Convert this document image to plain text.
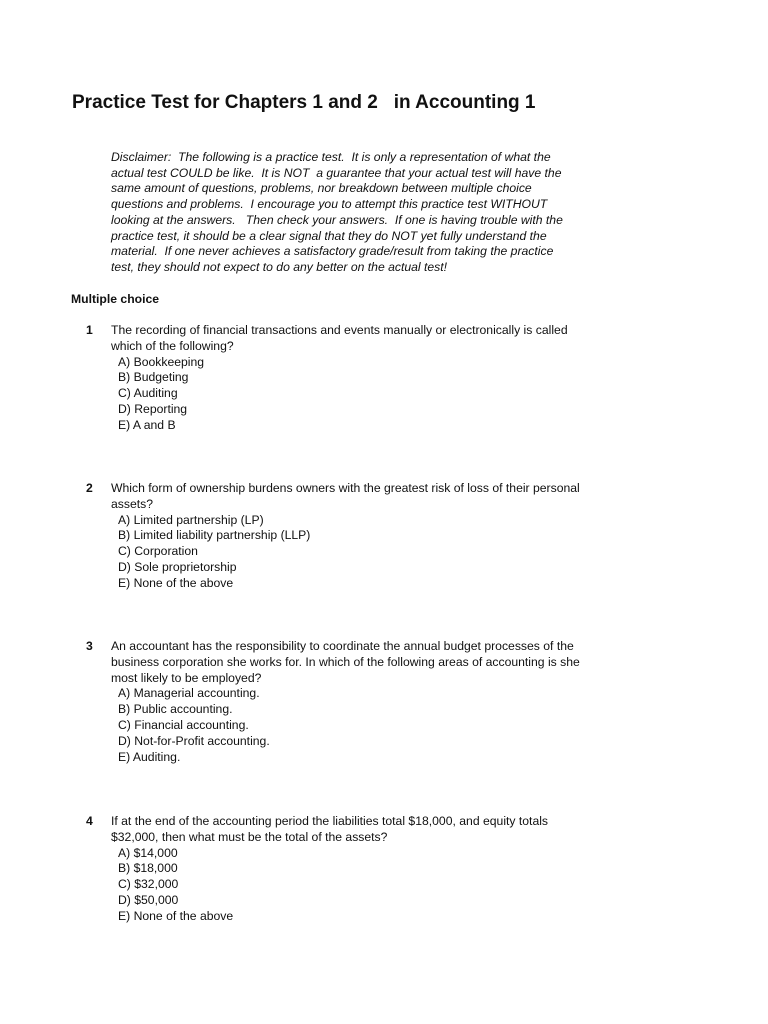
Practice Test for Chapters 1 and 2   in Accounting 1
Disclaimer:  The following is a practice test.  It is only a representation of what the
actual test COULD be like.  It is NOT  a guarantee that your actual test will have the
same amount of questions, problems, nor breakdown between multiple choice
questions and problems.  I encourage you to attempt this practice test WITHOUT
looking at the answers.   Then check your answers.  If one is having trouble with the
practice test, it should be a clear signal that they do NOT yet fully understand the
material.  If one never achieves a satisfactory grade/result from taking the practice
test, they should not expect to do any better on the actual test!
Multiple choice
1 The recording of financial transactions and events manually or electronically is called
which of the following?
A) Bookkeeping
B) Budgeting
C) Auditing
D) Reporting
E) A and B
2 Which form of ownership burdens owners with the greatest risk of loss of their personal
assets?
A) Limited partnership (LP)
B) Limited liability partnership (LLP)
C) Corporation
D) Sole proprietorship
E) None of the above
3 An accountant has the responsibility to coordinate the annual budget processes of the
business corporation she works for. In which of the following areas of accounting is she
most likely to be employed?
A) Managerial accounting.
B) Public accounting.
C) Financial accounting.
D) Not-for-Profit accounting.
E) Auditing.
4 If at the end of the accounting period the liabilities total $18,000, and equity totals
$32,000, then what must be the total of the assets?
A) $14,000
B) $18,000
C) $32,000
D) $50,000
E) None of the above
